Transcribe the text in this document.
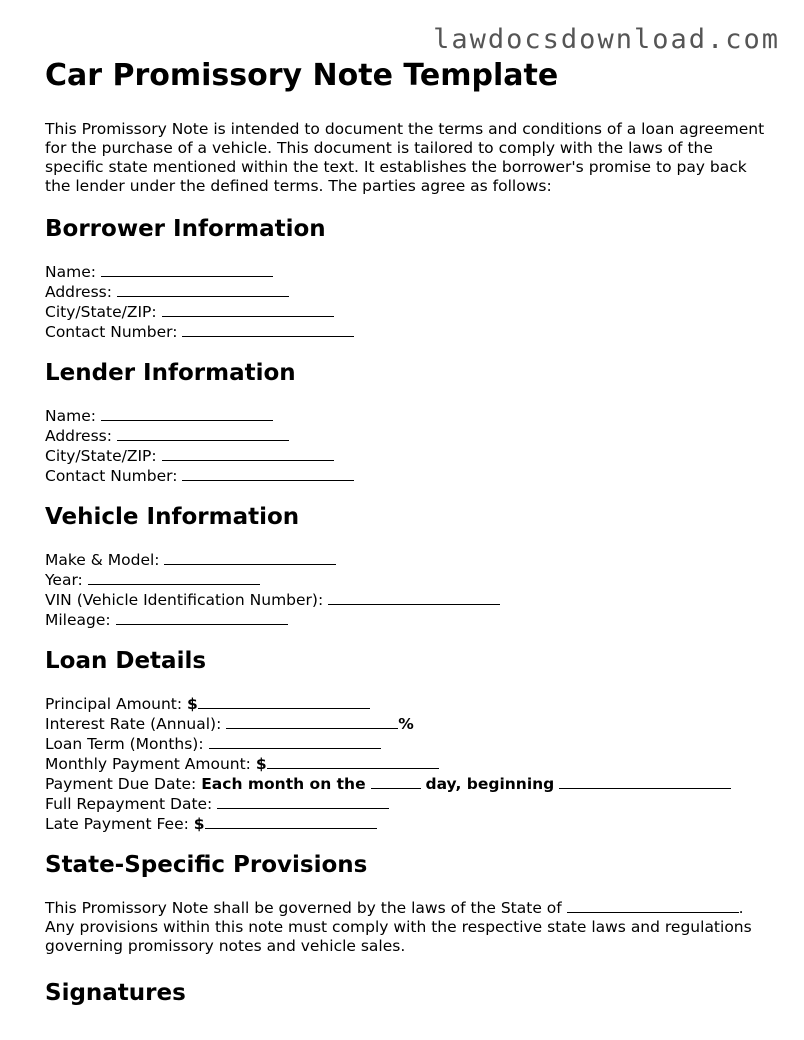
lawdocsdownload.com
Car Promissory Note Template

This Promissory Note is intended to document the terms and conditions of a loan agreement for the purchase of a vehicle. This document is tailored to comply with the laws of the specific state mentioned within the text. It establishes the borrower's promise to pay back the lender under the defined terms. The parties agree as follows:

Borrower Information
Name:
Address:
City/State/ZIP:
Contact Number:
Lender Information
Name:
Address:
City/State/ZIP:
Contact Number:
Vehicle Information
Make & Model:
Year:
VIN (Vehicle Identification Number):
Mileage:
Loan Details
Principal Amount: $
Interest Rate (Annual):	%
Loan Term (Months):
Monthly Payment Amount: $
Payment Due Date: Each month on the	day, beginning
Full Repayment Date:
Late Payment Fee: $
State-Specific Provisions

This Promissory Note shall be governed by the laws of the State of	. Any provisions within this note must comply with the respective state laws and regulations governing promissory notes and vehicle sales.

Signatures
